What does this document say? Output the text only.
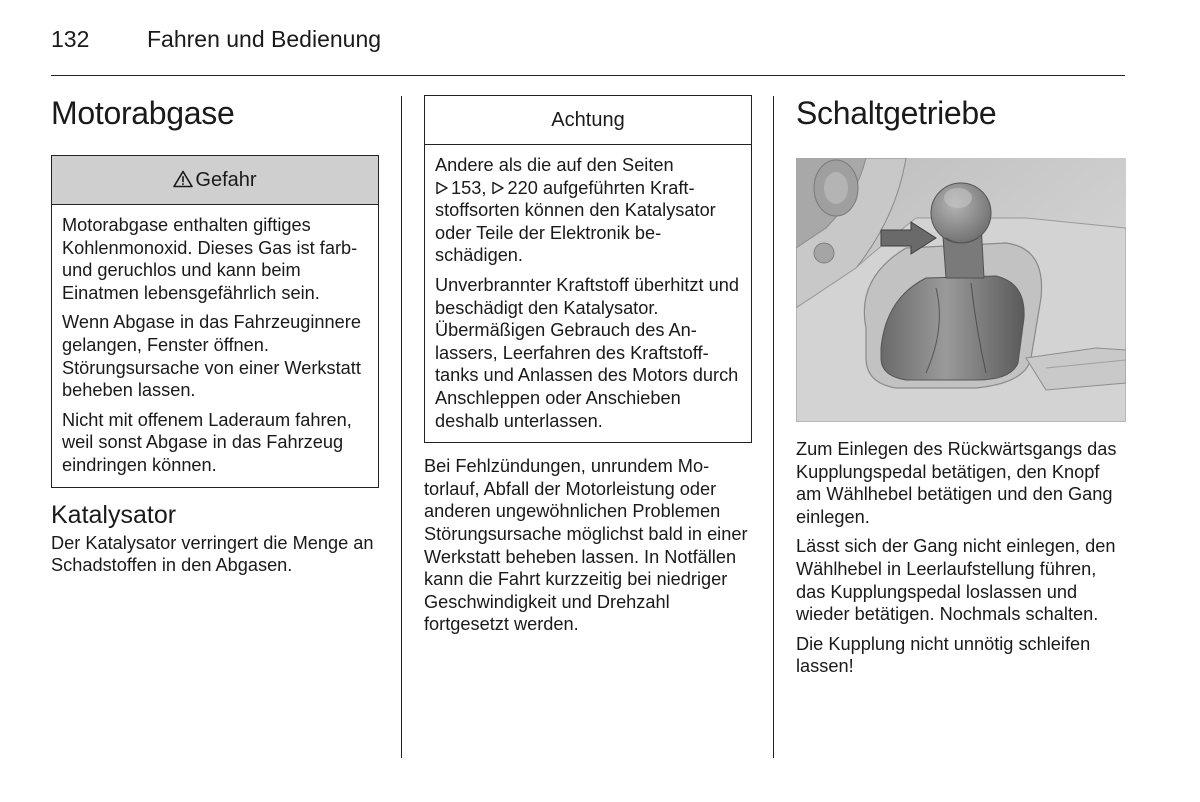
132	Fahren und Bedienung
Motorabgase
Gefahr

Motorabgase enthalten giftiges Kohlenmonoxid. Dieses Gas ist farb- und geruchlos und kann beim Einatmen lebensgefährlich sein.

Wenn Abgase in das Fahrzeuginnere gelangen, Fenster öffnen. Störungsursache von einer Werkstatt beheben lassen.

Nicht mit offenem Laderaum fahren, weil sonst Abgase in das Fahrzeug eindringen können.

Katalysator

Der Katalysator verringert die Menge an Schadstoffen in den Abgasen.

Achtung

Andere als die auf den Seiten
153, 220 aufgeführten Kraftstoffsorten können den Katalysator oder Teile der Elektronik beschädigen.

Unverbrannter Kraftstoff überhitzt und beschädigt den Katalysator. Übermäßigen Gebrauch des Anlassers, Leerfahren des Kraftstofftanks und Anlassen des Motors durch Anschleppen oder Anschieben deshalb unterlassen.

Bei Fehlzündungen, unrundem Motorlauf, Abfall der Motorleistung oder anderen ungewöhnlichen Problemen Störungsursache möglichst bald in einer Werkstatt beheben lassen. In Notfällen kann die Fahrt kurzzeitig bei niedriger Geschwindigkeit und Drehzahl fortgesetzt werden.

Schaltgetriebe

Zum Einlegen des Rückwärtsgangs das Kupplungspedal betätigen, den Knopf am Wählhebel betätigen und den Gang einlegen.

Lässt sich der Gang nicht einlegen, den Wählhebel in Leerlaufstellung führen, das Kupplungspedal loslassen und wieder betätigen. Nochmals schalten.

Die Kupplung nicht unnötig schleifen lassen!
